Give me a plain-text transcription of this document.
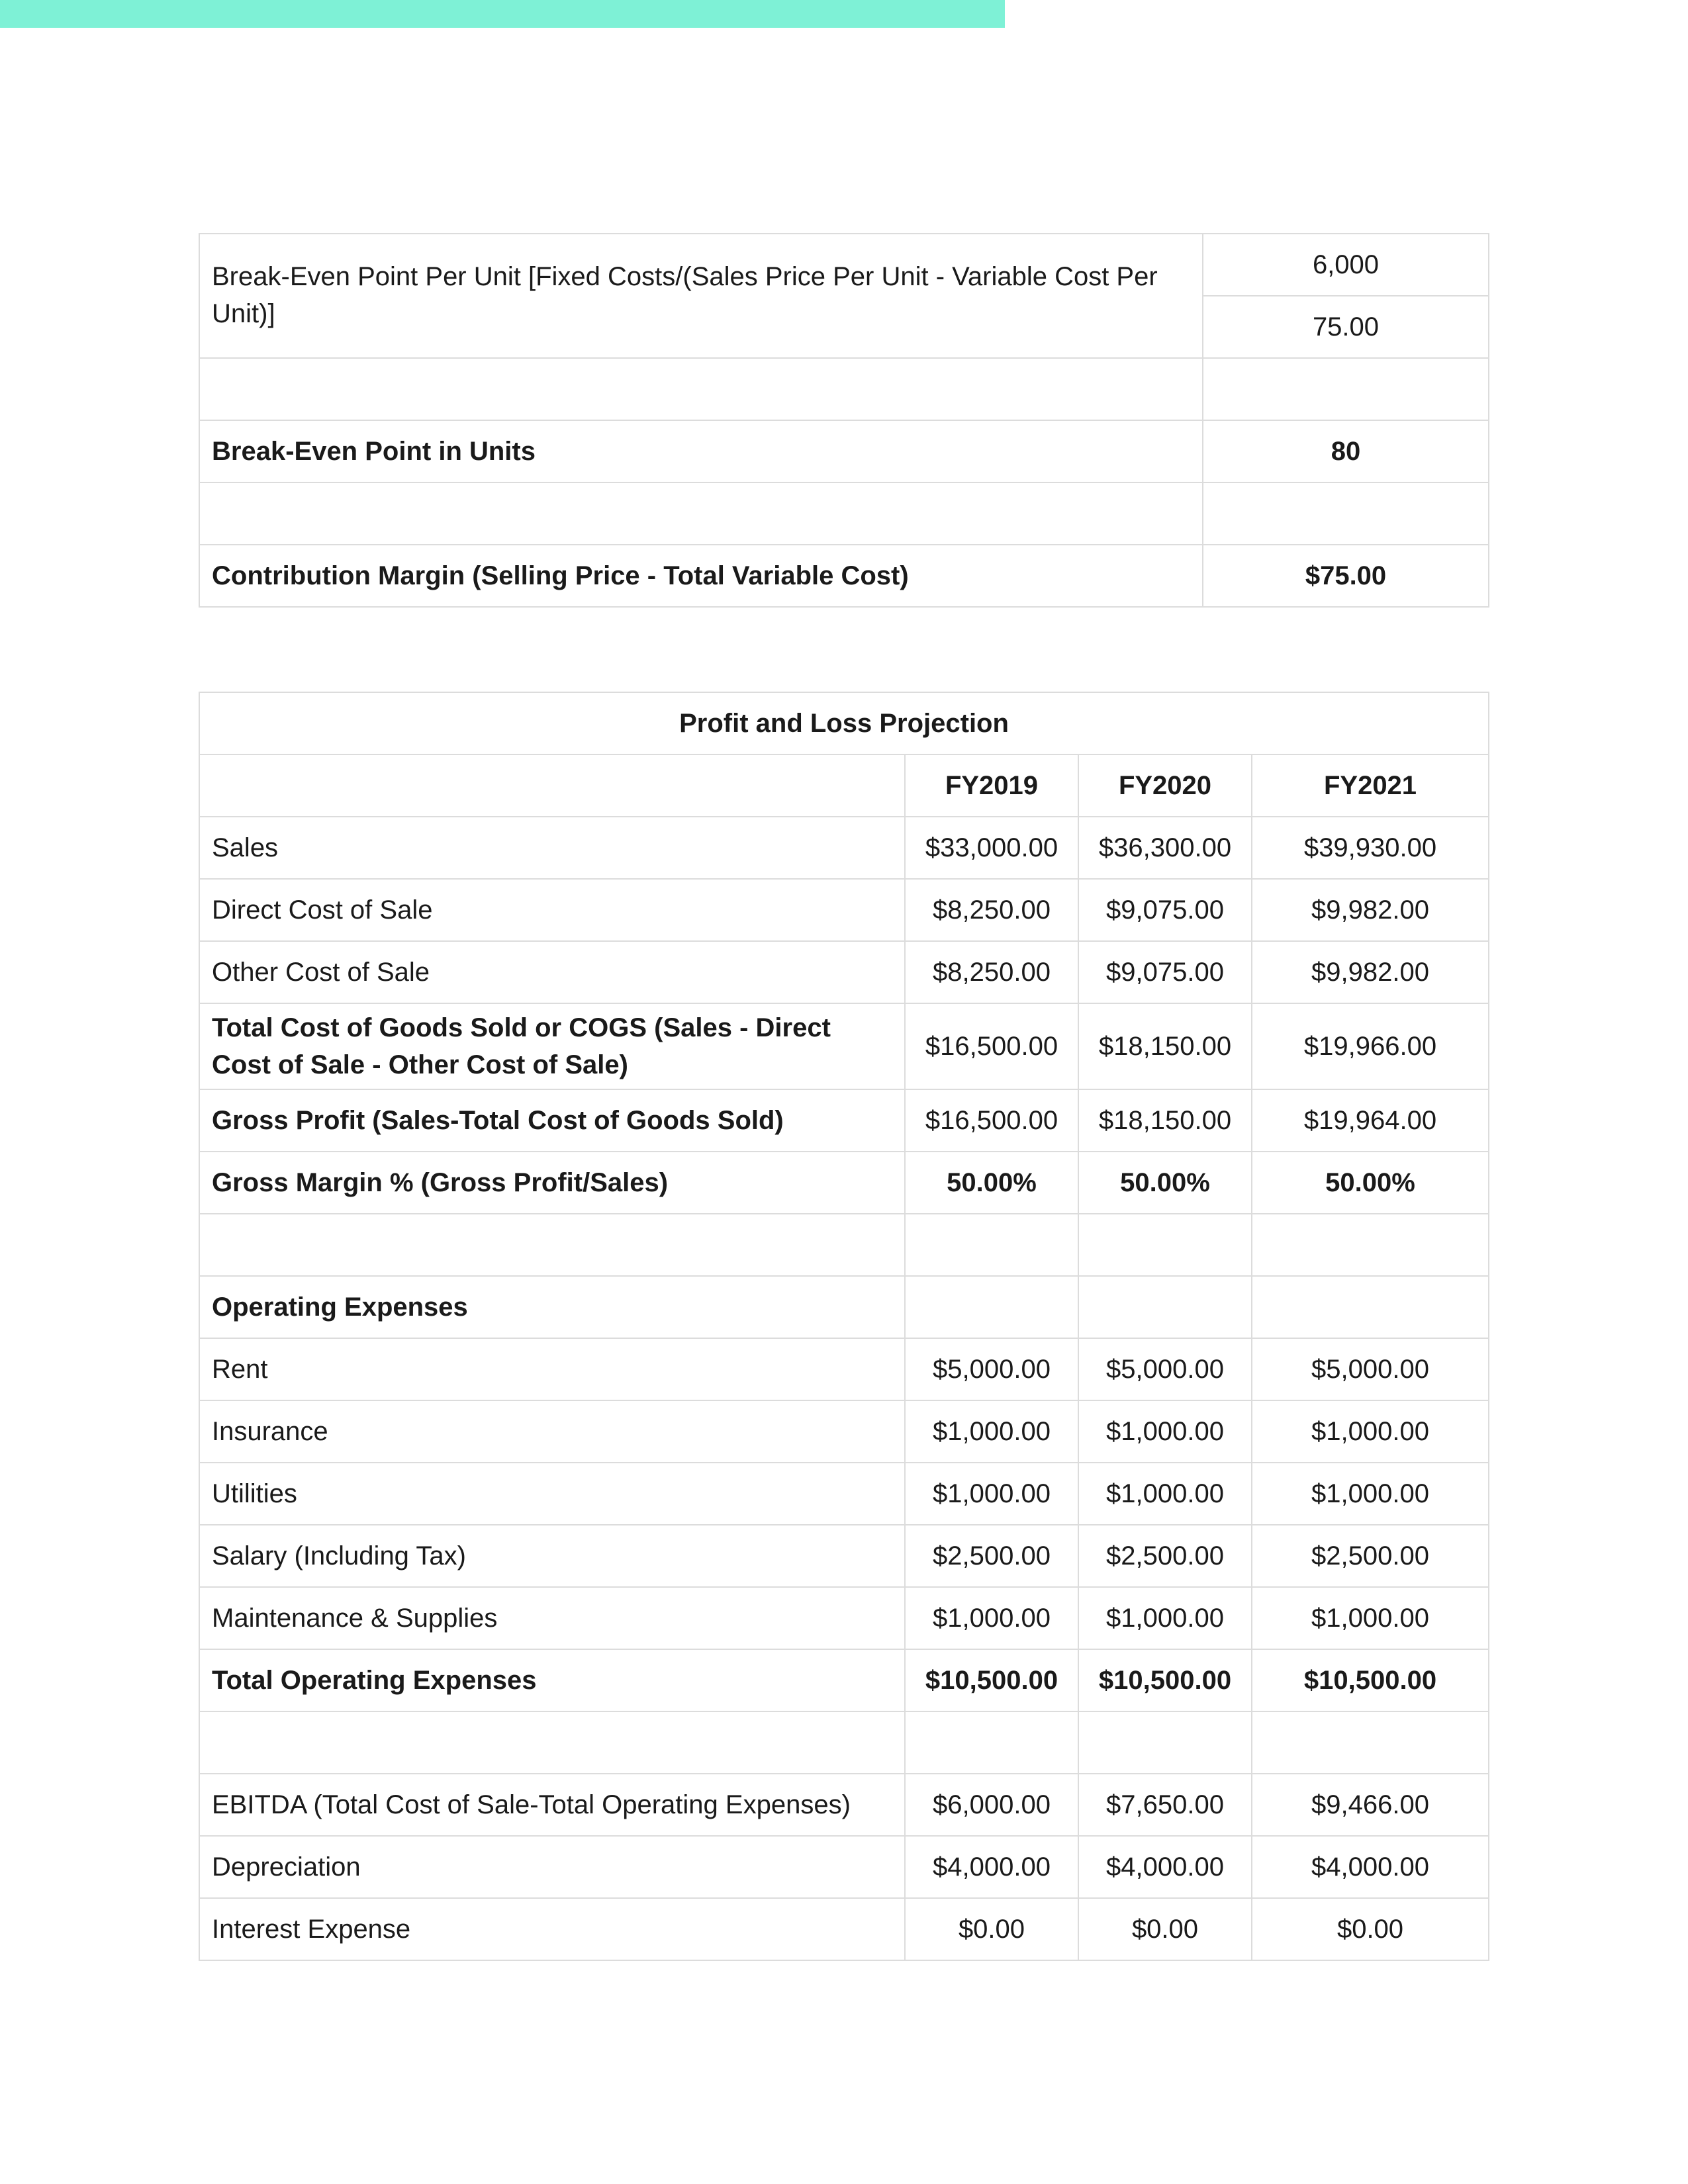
Break-Even Point Per Unit [Fixed Costs/(Sales Price Per Unit - Variable Cost Per Unit)]	6,000
	75.00

Break-Even Point in Units	80

Contribution Margin (Selling Price - Total Variable Cost)	$75.00
Profit and Loss Projection			
	FY2019	FY2020	FY2021
Sales	$33,000.00	$36,300.00	$39,930.00
Direct Cost of Sale	$8,250.00	$9,075.00	$9,982.00
Other Cost of Sale	$8,250.00	$9,075.00	$9,982.00
Total Cost of Goods Sold or COGS (Sales - Direct Cost of Sale - Other Cost of Sale)	$16,500.00	$18,150.00	$19,966.00
Gross Profit (Sales-Total Cost of Goods Sold)	$16,500.00	$18,150.00	$19,964.00
Gross Margin % (Gross Profit/Sales)	50.00%	50.00%	50.00%

Operating Expenses			
Rent	$5,000.00	$5,000.00	$5,000.00
Insurance	$1,000.00	$1,000.00	$1,000.00
Utilities	$1,000.00	$1,000.00	$1,000.00
Salary (Including Tax)	$2,500.00	$2,500.00	$2,500.00
Maintenance & Supplies	$1,000.00	$1,000.00	$1,000.00
Total Operating Expenses	$10,500.00	$10,500.00	$10,500.00

EBITDA (Total Cost of Sale-Total Operating Expenses)	$6,000.00	$7,650.00	$9,466.00
Depreciation	$4,000.00	$4,000.00	$4,000.00
Interest Expense	$0.00	$0.00	$0.00
